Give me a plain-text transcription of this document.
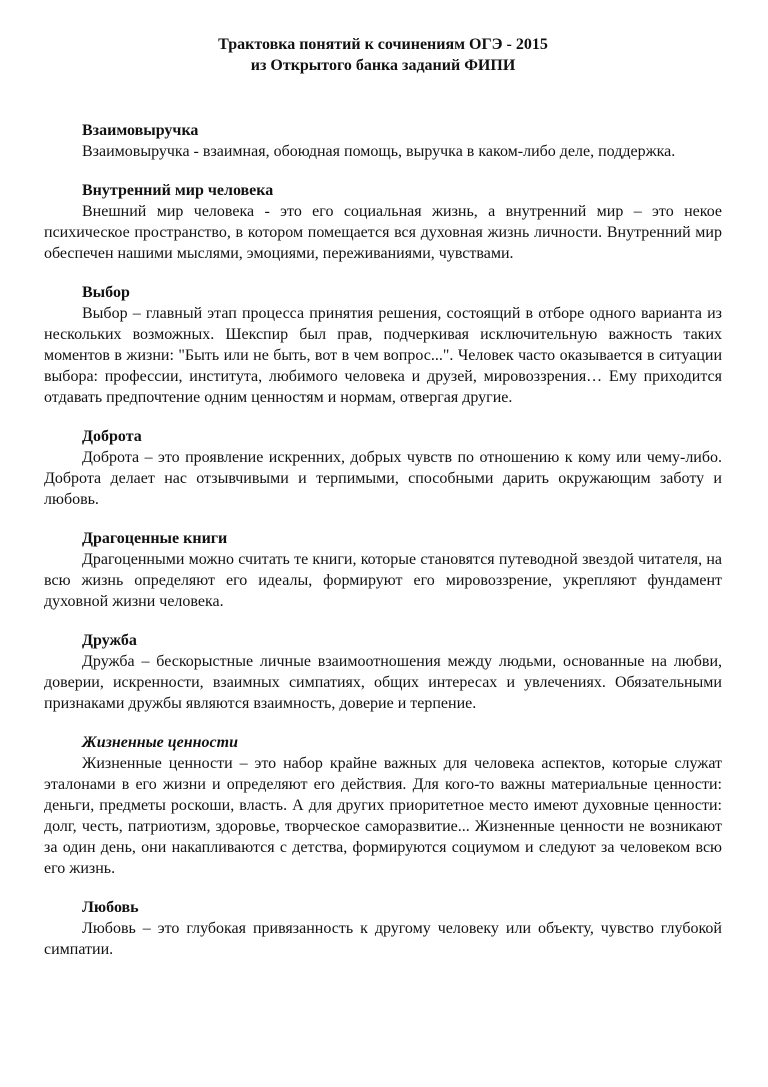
Трактовка понятий к сочинениям ОГЭ - 2015
из Открытого банка заданий ФИПИ

Взаимовыручка

Взаимовыручка - взаимная, обоюдная помощь, выручка в каком-либо деле, поддержка.

Внутренний мир человека

Внешний мир человека - это его социальная жизнь, а внутренний мир – это некое психическое пространство, в котором помещается вся духовная жизнь личности. Внутренний мир обеспечен нашими мыслями, эмоциями, переживаниями, чувствами.

Выбор

Выбор – главный этап процесса принятия решения, состоящий в отборе одного варианта из нескольких возможных. Шекспир был прав, подчеркивая исключительную важность таких моментов в жизни: "Быть или не быть, вот в чем вопрос...". Человек часто оказывается в ситуации выбора: профессии, института, любимого человека и друзей, мировоззрения… Ему приходится отдавать предпочтение одним ценностям и нормам, отвергая другие.

Доброта

Доброта – это проявление искренних, добрых чувств по отношению к кому или чему-либо. Доброта делает нас отзывчивыми и терпимыми, способными дарить окружающим заботу и любовь.

Драгоценные книги

Драгоценными можно считать те книги, которые становятся путеводной звездой читателя, на всю жизнь определяют его идеалы, формируют его мировоззрение, укрепляют фундамент духовной жизни человека.

Дружба

Дружба – бескорыстные личные взаимоотношения между людьми, основанные на любви, доверии, искренности, взаимных симпатиях, общих интересах и увлечениях. Обязательными признаками дружбы являются взаимность, доверие и терпение.

Жизненные ценности

Жизненные ценности – это набор крайне важных для человека аспектов, которые служат эталонами в его жизни и определяют его действия. Для кого-то важны материальные ценности: деньги, предметы роскоши, власть. А для других приоритетное место имеют духовные ценности: долг, честь, патриотизм, здоровье, творческое саморазвитие... Жизненные ценности не возникают за один день, они накапливаются с детства, формируются социумом и следуют за человеком всю его жизнь.

Любовь

Любовь – это глубокая привязанность к другому человеку или объекту, чувство глубокой симпатии.
